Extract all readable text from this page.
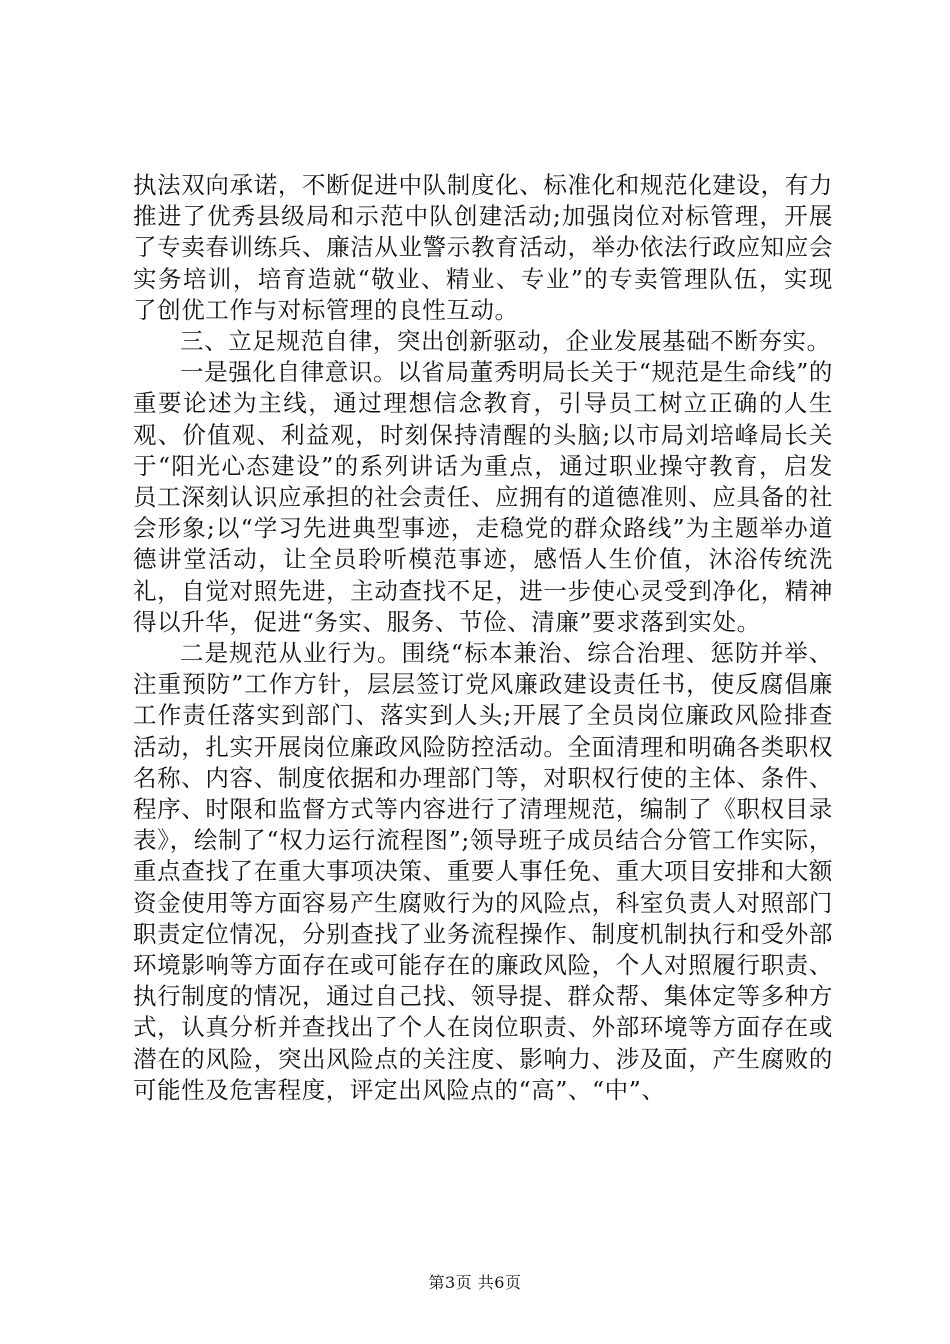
执法双向承诺，不断促进中队制度化、标准化和规范化建设，有力推进了优秀县级局和示范中队创建活动;加强岗位对标管理，开展了专卖春训练兵、廉洁从业警示教育活动，举办依法行政应知应会实务培训，培育造就“敬业、精业、专业”的专卖管理队伍，实现了创优工作与对标管理的良性互动。

三、立足规范自律，突出创新驱动，企业发展基础不断夯实。

一是强化自律意识。以省局董秀明局长关于“规范是生命线”的重要论述为主线，通过理想信念教育，引导员工树立正确的人生观、价值观、利益观，时刻保持清醒的头脑;以市局刘培峰局长关于“阳光心态建设”的系列讲话为重点，通过职业操守教育，启发员工深刻认识应承担的社会责任、应拥有的道德准则、应具备的社会形象;以“学习先进典型事迹，走稳党的群众路线”为主题举办道德讲堂活动，让全员聆听模范事迹，感悟人生价值，沐浴传统洗礼，自觉对照先进，主动查找不足，进一步使心灵受到净化，精神得以升华，促进“务实、服务、节俭、清廉”要求落到实处。

二是规范从业行为。围绕“标本兼治、综合治理、惩防并举、注重预防”工作方针，层层签订党风廉政建设责任书，使反腐倡廉工作责任落实到部门、落实到人头;开展了全员岗位廉政风险排查活动，扎实开展岗位廉政风险防控活动。全面清理和明确各类职权名称、内容、制度依据和办理部门等，对职权行使的主体、条件、程序、时限和监督方式等内容进行了清理规范，编制了《职权目录表》，绘制了“权力运行流程图”;领导班子成员结合分管工作实际，重点查找了在重大事项决策、重要人事任免、重大项目安排和大额资金使用等方面容易产生腐败行为的风险点，科室负责人对照部门职责定位情况，分别查找了业务流程操作、制度机制执行和受外部环境影响等方面存在或可能存在的廉政风险，个人对照履行职责、执行制度的情况，通过自己找、领导提、群众帮、集体定等多种方式，认真分析并查找出了个人在岗位职责、外部环境等方面存在或潜在的风险，突出风险点的关注度、影响力、涉及面，产生腐败的可能性及危害程度，评定出风险点的“高”、“中”、

第3页 共6页
